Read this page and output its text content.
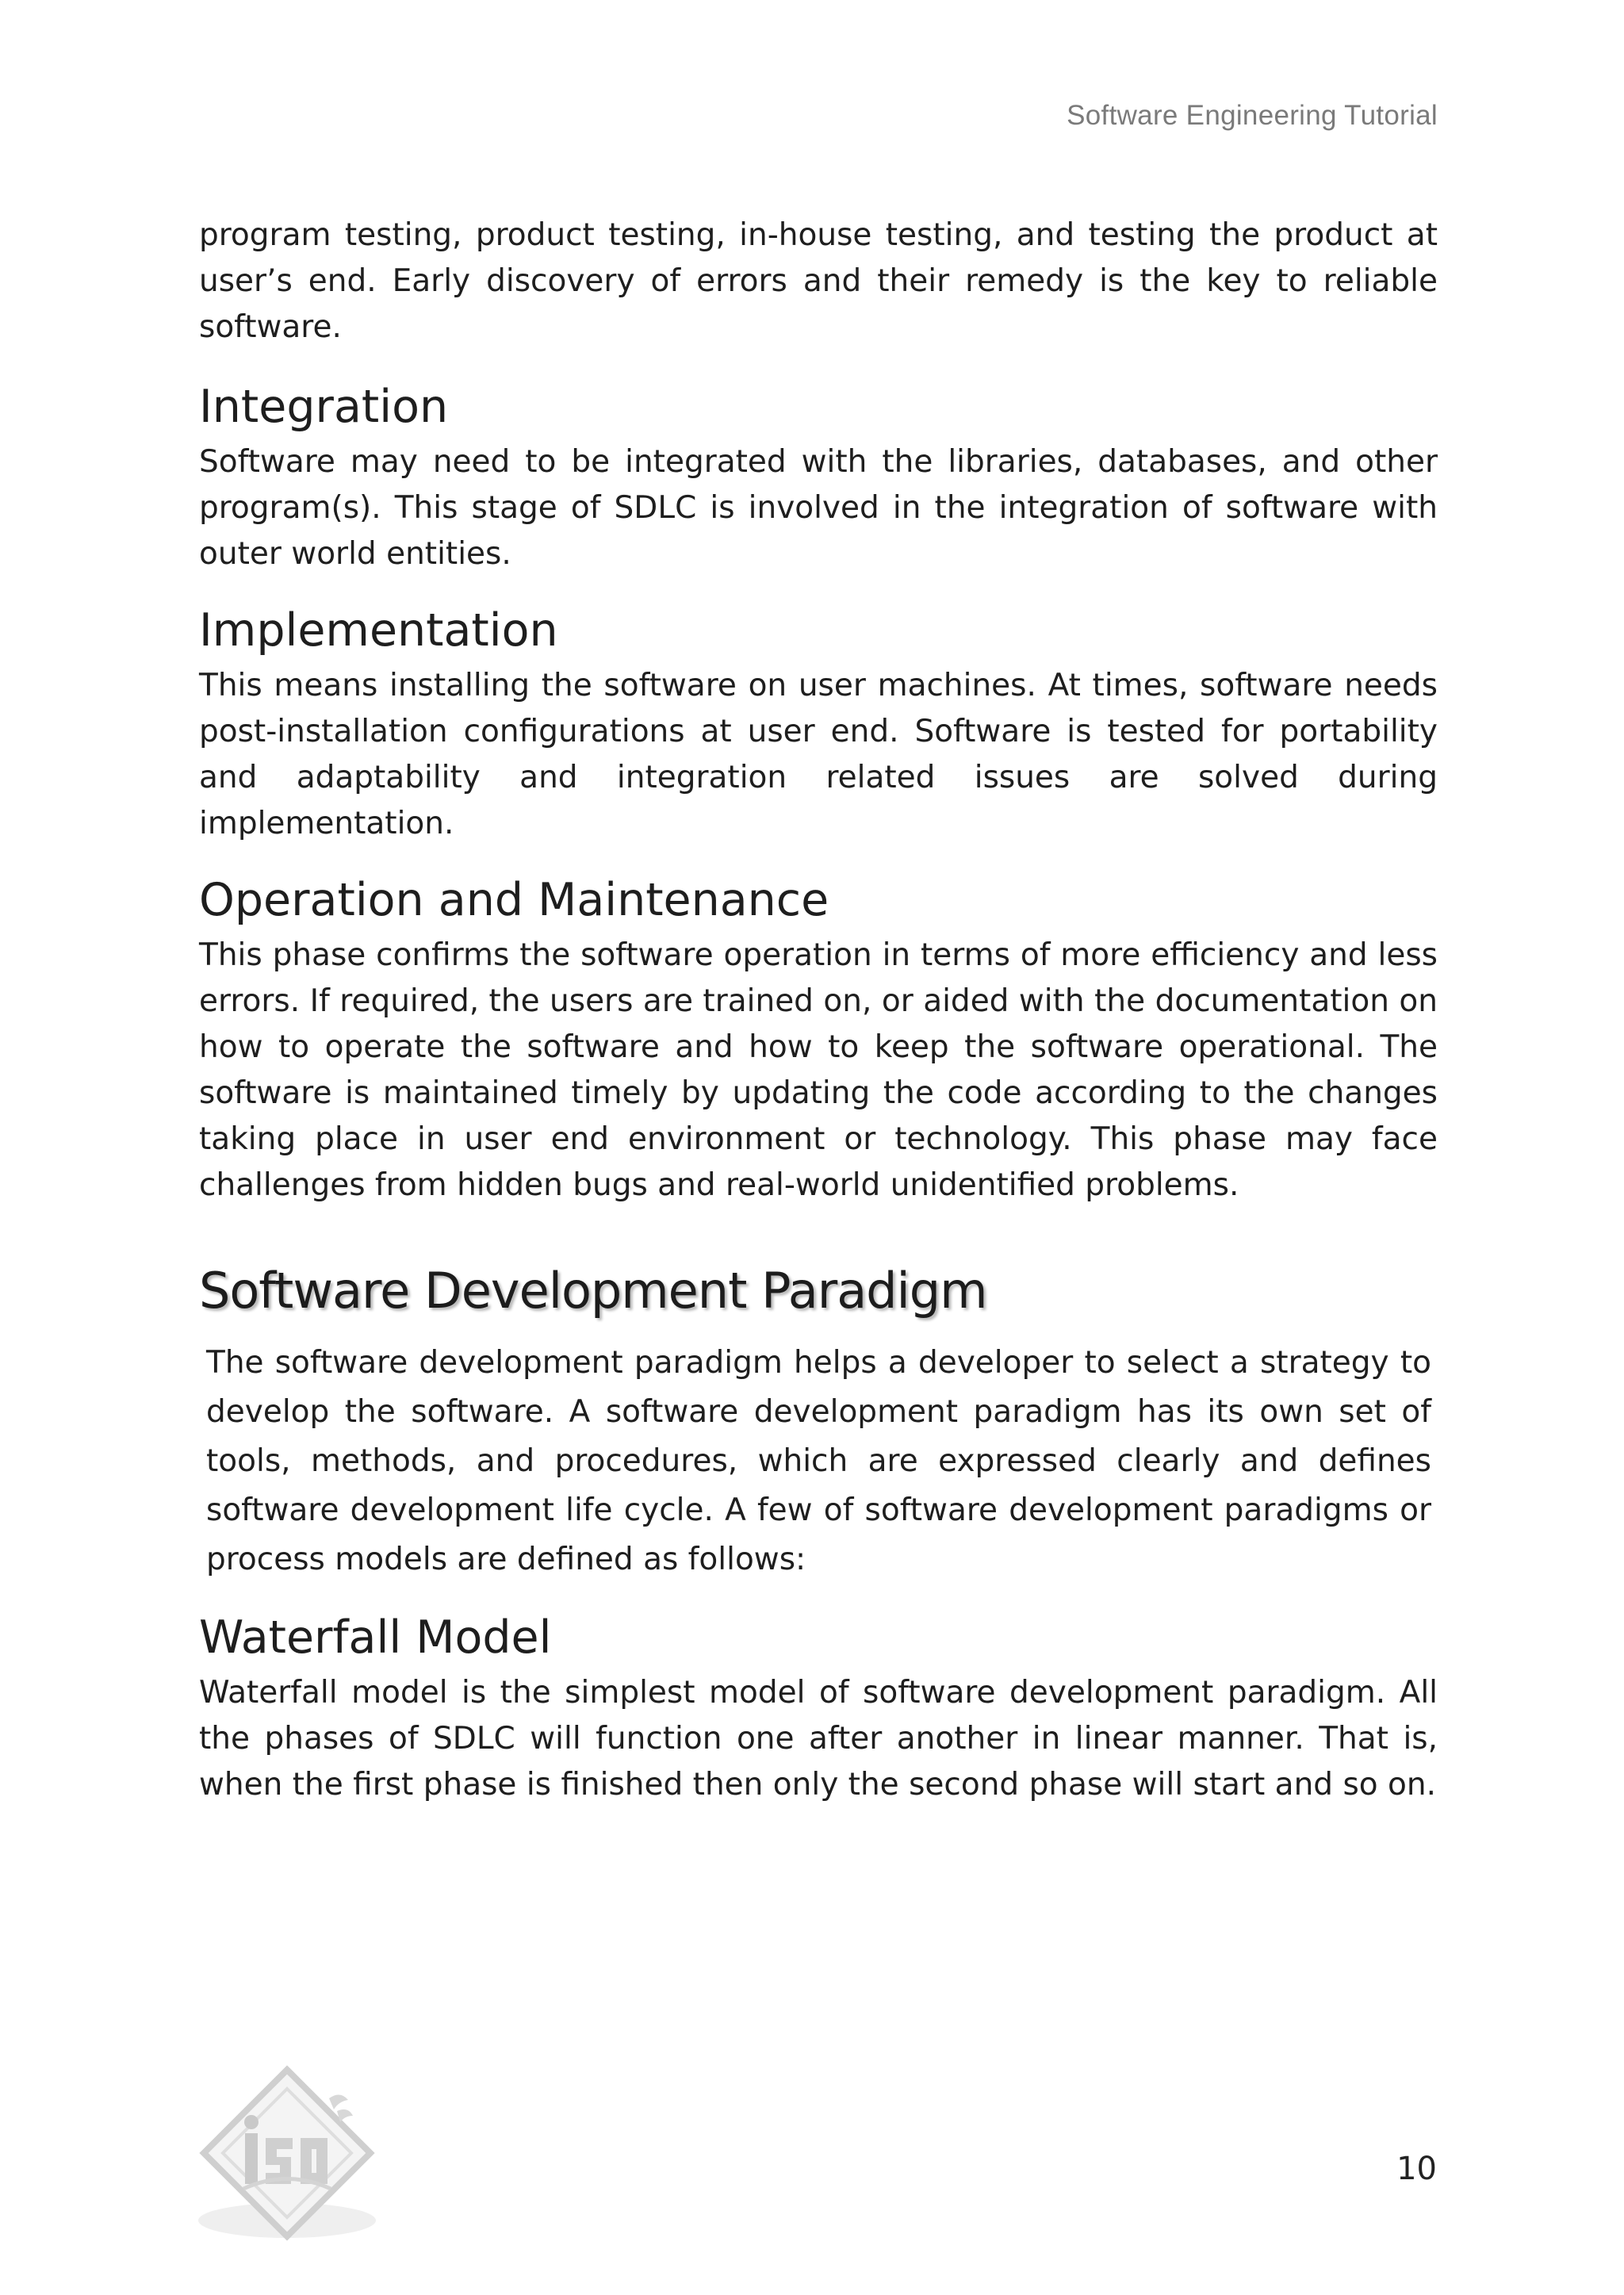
Software Engineering Tutorial

program testing, product testing, in-house testing, and testing the product at user’s end. Early discovery of errors and their remedy is the key to reliable software.

Integration

Software may need to be integrated with the libraries, databases, and other program(s). This stage of SDLC is involved in the integration of software with outer world entities.

Implementation

This means installing the software on user machines. At times, software needs post-installation configurations at user end. Software is tested for portability and adaptability and integration related issues are solved during implementation.

Operation and Maintenance

This phase confirms the software operation in terms of more efficiency and less errors. If required, the users are trained on, or aided with the documentation on how to operate the software and how to keep the software operational. The software is maintained timely by updating the code according to the changes taking place in user end environment or technology. This phase may face challenges from hidden bugs and real-world unidentified problems.

Software Development Paradigm

The software development paradigm helps a developer to select a strategy to develop the software. A software development paradigm has its own set of tools, methods, and procedures, which are expressed clearly and defines software development life cycle. A few of software development paradigms or process models are defined as follows:

Waterfall Model

Waterfall model is the simplest model of software development paradigm. All the phases of SDLC will function one after another in linear manner. That is, when the first phase is finished then only the second phase will start and so on.

10
